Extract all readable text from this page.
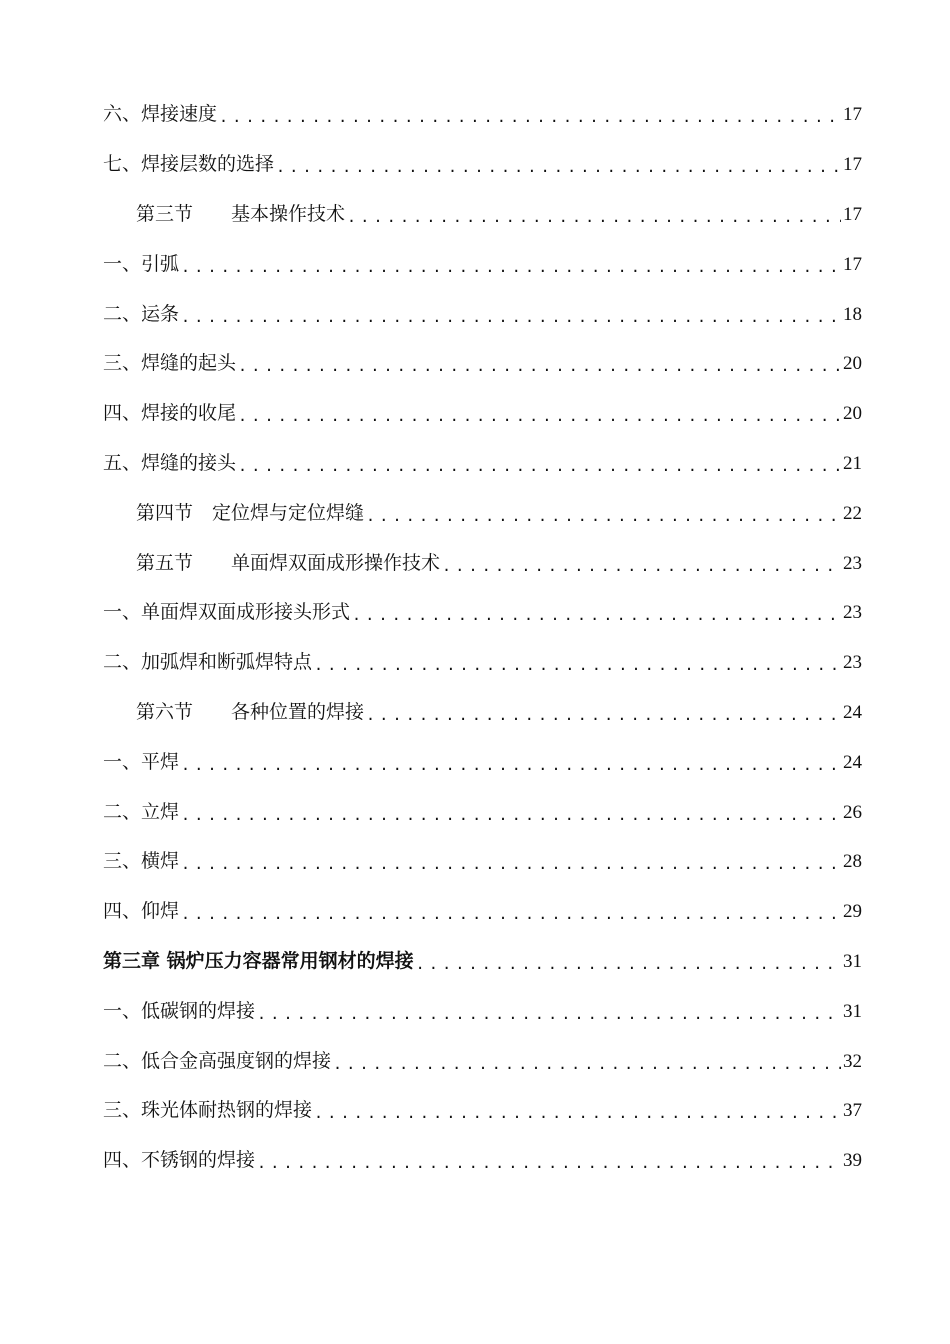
六、焊接速度 .....	17
七、焊接层数的选择 .....	17
第三节　　基本操作技术 .....	17
一、引弧 .....	17
二、运条 .....	18
三、焊缝的起头 .....	20
四、焊接的收尾 .....	20
五、焊缝的接头 .....	21
第四节　定位焊与定位焊缝 .....	22
第五节　　单面焊双面成形操作技术 .....	23
一、单面焊双面成形接头形式 .....	23
二、加弧焊和断弧焊特点 .....	23
第六节　　各种位置的焊接 .....	24
一、平焊 .....	24
二、立焊 .....	26
三、横焊 .....	28
四、仰焊 .....	29
第三章 锅炉压力容器常用钢材的焊接 .....	31
一、低碳钢的焊接 .....	31
二、低合金高强度钢的焊接 .....	32
三、珠光体耐热钢的焊接 .....	37
四、不锈钢的焊接 .....	39
